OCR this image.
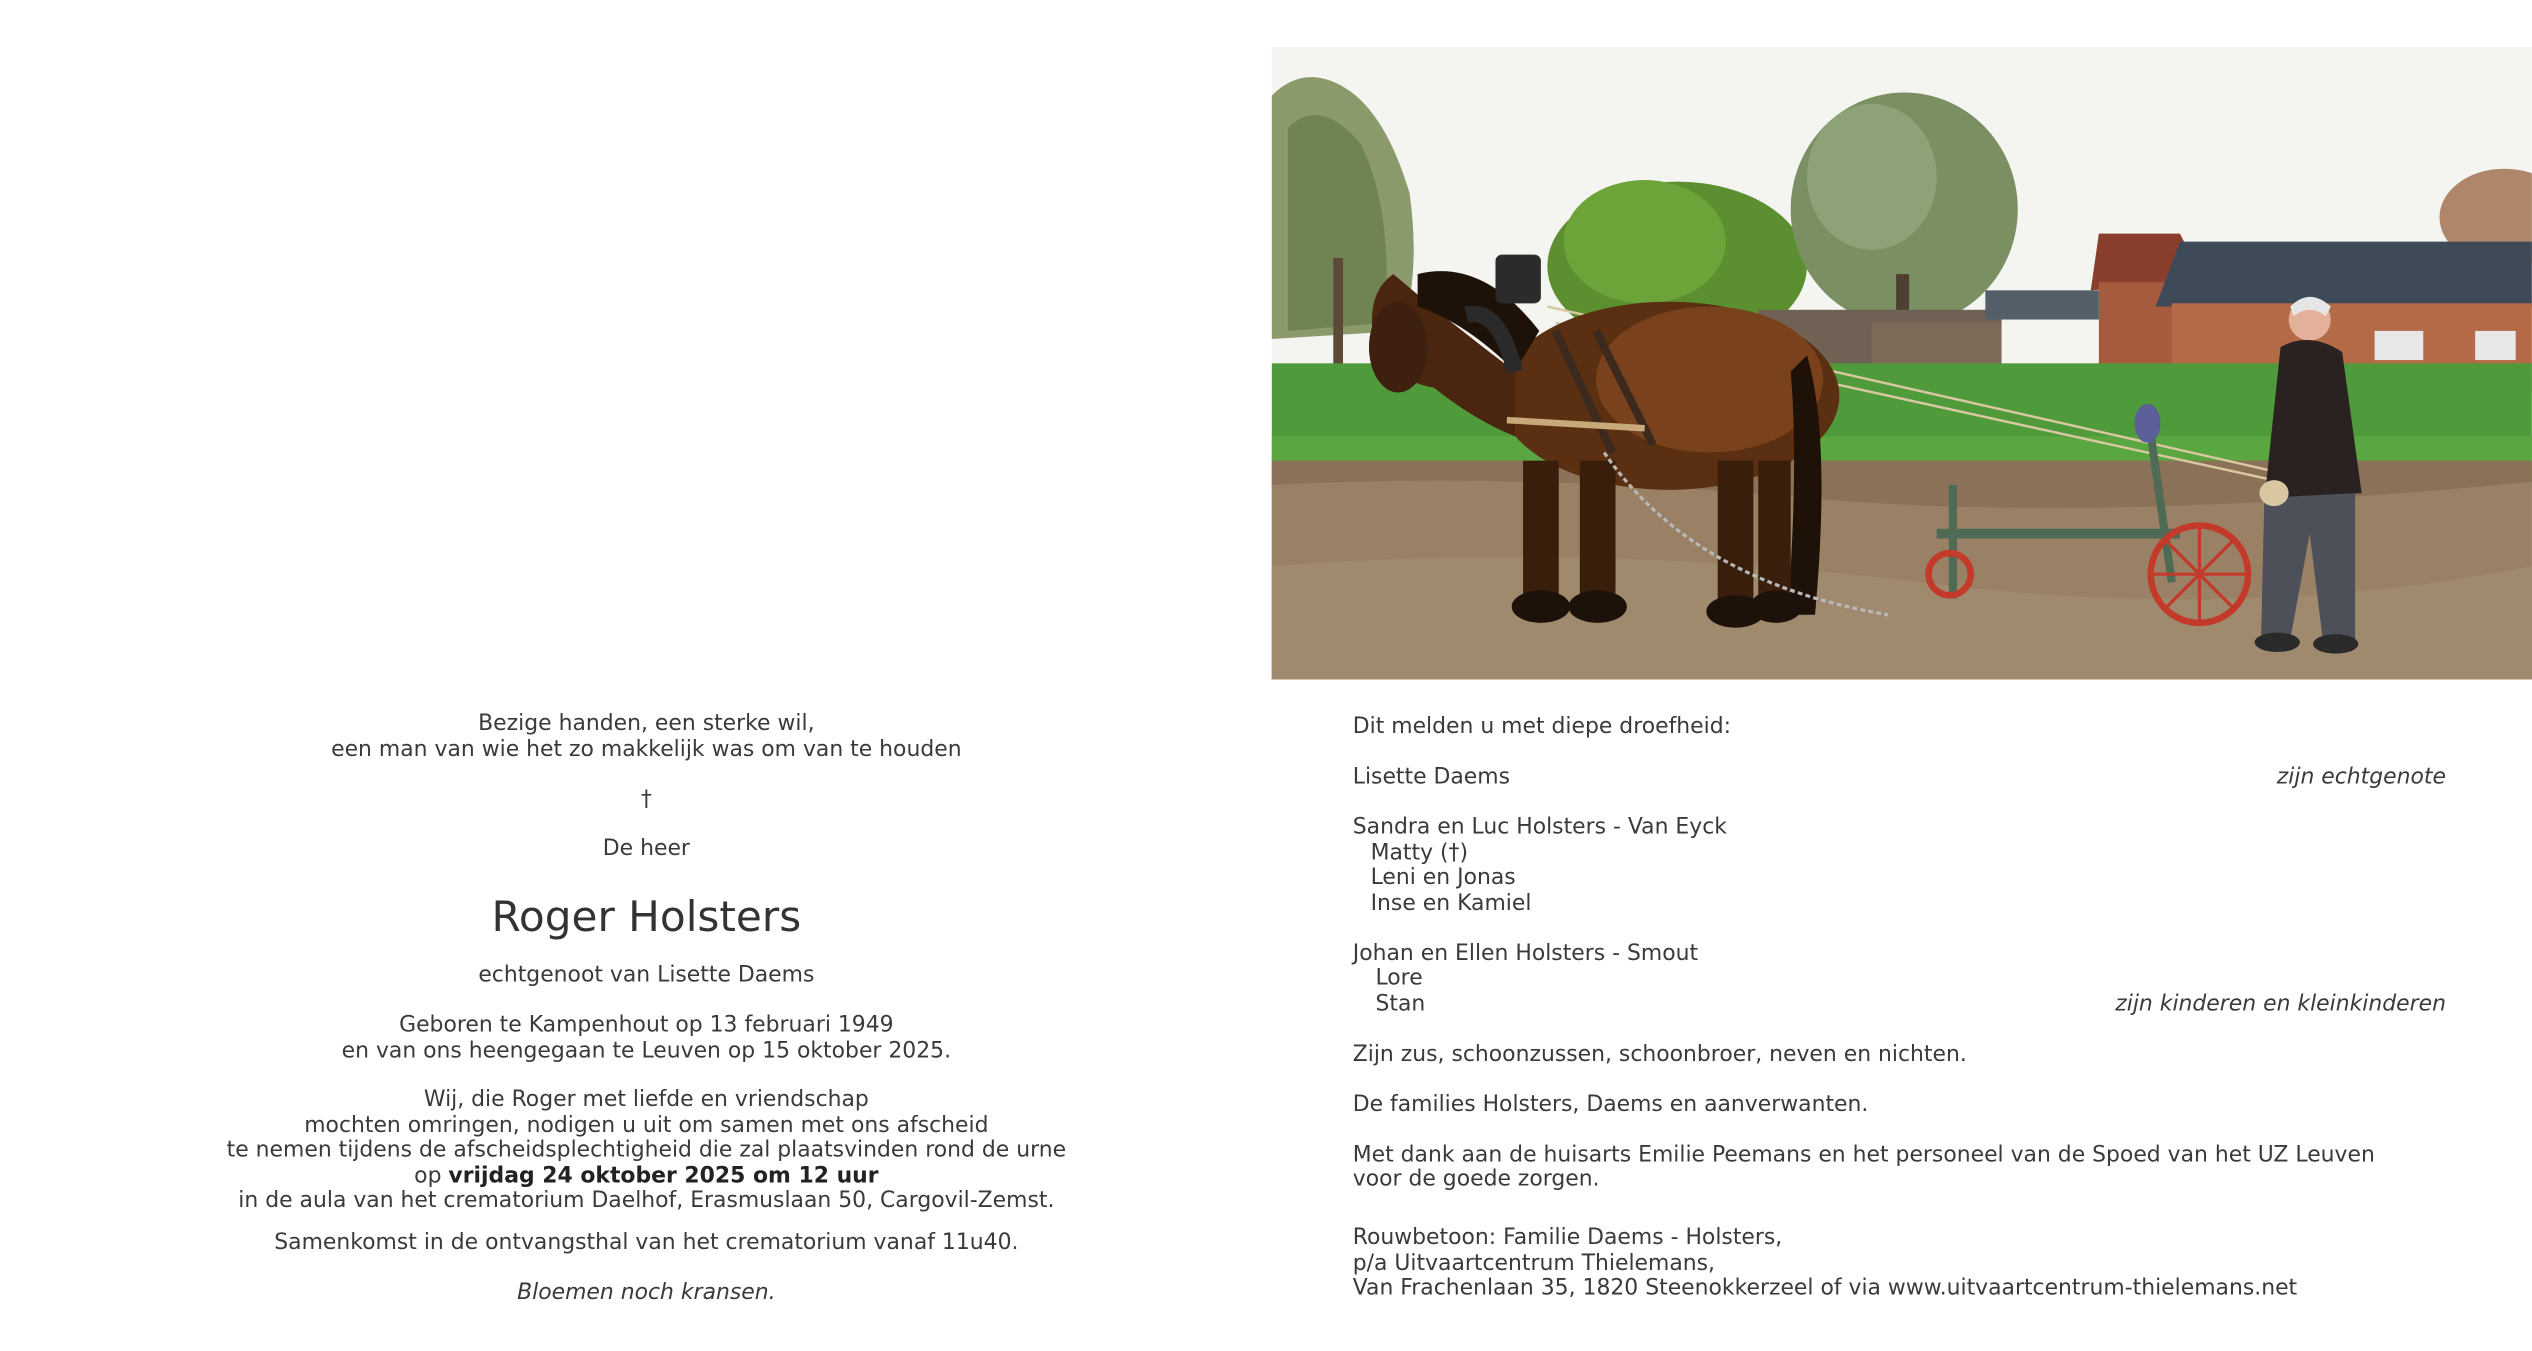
Bezige handen, een sterke wil,
een man van wie het zo makkelijk was om van te houden
†
De heer
Roger Holsters
echtgenoot van Lisette Daems
Geboren te Kampenhout op 13 februari 1949
en van ons heengegaan te Leuven op 15 oktober 2025.
Wij, die Roger met liefde en vriendschap
mochten omringen, nodigen u uit om samen met ons afscheid
te nemen tijdens de afscheidsplechtigheid die zal plaatsvinden rond de urne
op vrijdag 24 oktober 2025 om 12 uur
in de aula van het crematorium Daelhof, Erasmuslaan 50, Cargovil-Zemst.
Samenkomst in de ontvangsthal van het crematorium vanaf 11u40.
Bloemen noch kransen.
Dit melden u met diepe droefheid:
Lisette Daems	zijn echtgenote
Sandra en Luc Holsters - Van Eyck
Matty (†)
Leni en Jonas
Inse en Kamiel
Johan en Ellen Holsters - Smout
Lore
Stan	zijn kinderen en kleinkinderen
Zijn zus, schoonzussen, schoonbroer, neven en nichten.
De families Holsters, Daems en aanverwanten.
Met dank aan de huisarts Emilie Peemans en het personeel van de Spoed van het UZ Leuven
voor de goede zorgen.
Rouwbetoon: Familie Daems - Holsters,
p/a Uitvaartcentrum Thielemans,
Van Frachenlaan 35, 1820 Steenokkerzeel of via www.uitvaartcentrum-thielemans.net
